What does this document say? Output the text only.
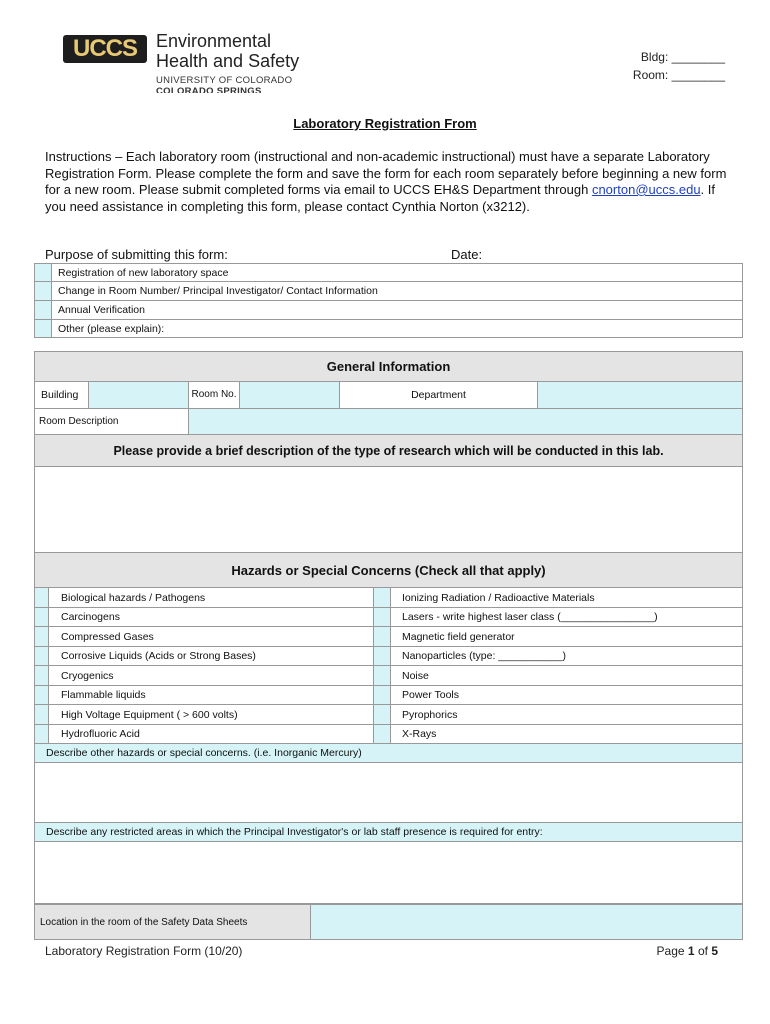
UCCS	Environmental
Health and Safety
UNIVERSITY OF COLORADO
COLORADO SPRINGS
Bldg: ________
Room: ________
Laboratory Registration From
Instructions – Each laboratory room (instructional and non-academic instructional) must have a separate Laboratory Registration Form. Please complete the form and save the form for each room separately before beginning a new form for a new room. Please submit completed forms via email to UCCS EH&S Department through cnorton@uccs.edu. If you need assistance in completing this form, please contact Cynthia Norton (x3212).
Purpose of submitting this form:	Date:
	Registration of new laboratory space
	Change in Room Number/ Principal Investigator/ Contact Information
	Annual Verification
	Other (please explain):
General Information					
Building		Room No.		Department	
Room Description					
Please provide a brief description of the type of research which will be conducted in this lab.					

Hazards or Special Concerns (Check all that apply)			
	Biological hazards / Pathogens		Ionizing Radiation / Radioactive Materials
	Carcinogens		Lasers - write highest laser class (________________)
	Compressed Gases		Magnetic field generator
	Corrosive Liquids (Acids or Strong Bases)		Nanoparticles (type: ___________)
	Cryogenics		Noise
	Flammable liquids		Power Tools
	High Voltage Equipment ( > 600 volts)		Pyrophorics
	Hydrofluoric Acid		X-Rays
Describe other hazards or special concerns. (i.e. Inorganic Mercury)			

Describe any restricted areas in which the Principal Investigator's or lab staff presence is required for entry:			

Location in the room of the Safety Data Sheets	
Laboratory Registration Form (10/20)	Page 1 of 5
